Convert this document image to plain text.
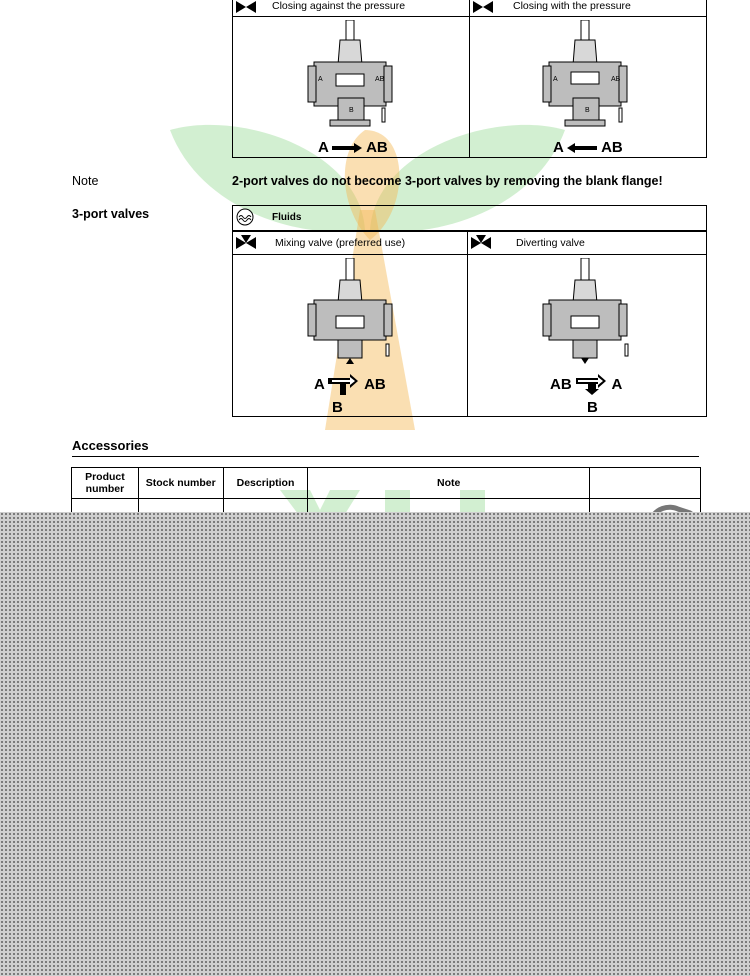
Closing against the pressure	Closing with the pressure
A	AB
B
A	AB
A	AB
B
A	AB
Note	2-port valves do not become 3-port valves by removing the blank flange!
3-port valves	Fluids
Mixing valve (preferred use)	Diverting valve
A	AB
B
AB	A
B
Accessories
Product number	Stock number	Description	Note	
